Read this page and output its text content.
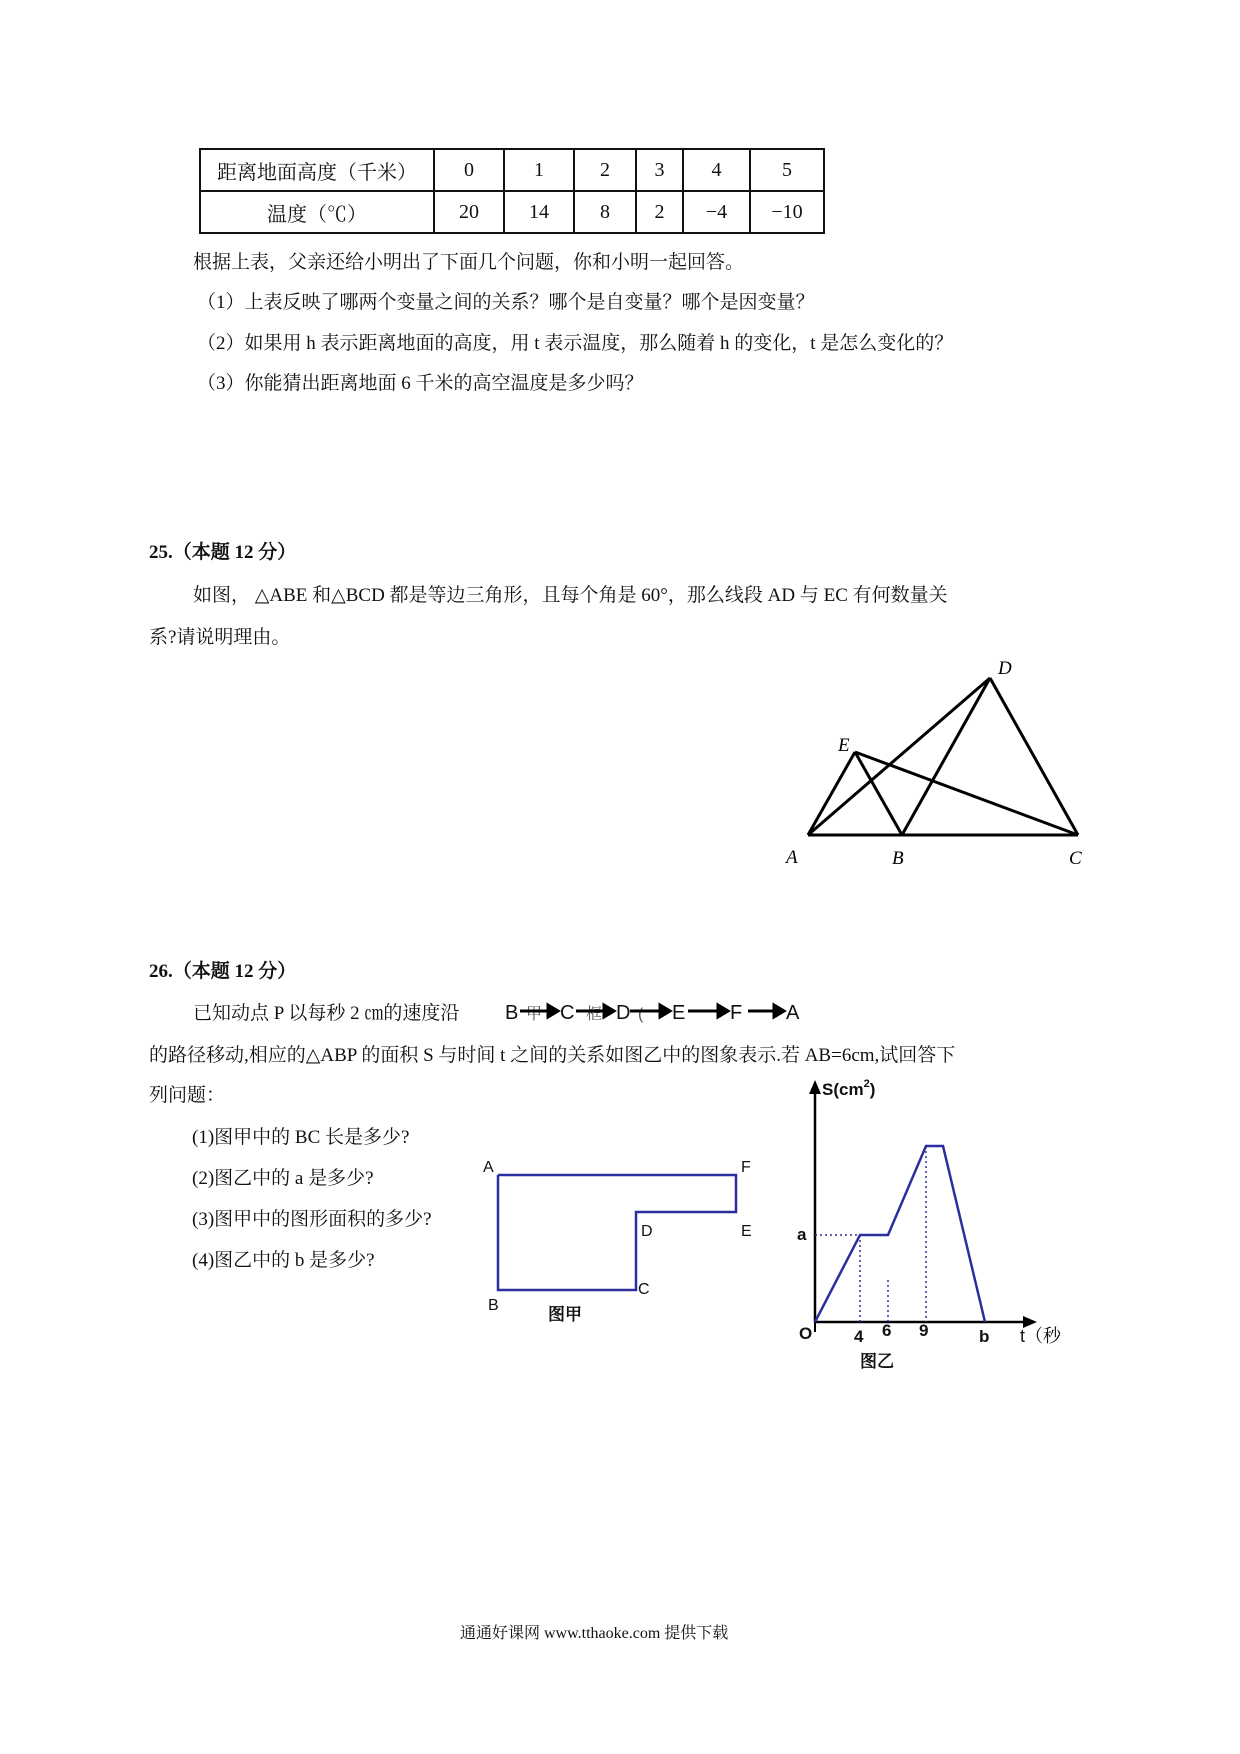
距离地面高度（千米）	0	1	2	3	4	5
温度（℃）	20	14	8	2	−4	−10
根据上表，父亲还给小明出了下面几个问题，你和小明一起回答。
（1）上表反映了哪两个变量之间的关系？哪个是自变量？哪个是因变量？
（2）如果用 h 表示距离地面的高度，用 t 表示温度，那么随着 h 的变化，t 是怎么变化的？
（3）你能猜出距离地面 6 千米的高空温度是多少吗？
25.（本题 12 分）
如图， △ABE 和△BCD 都是等边三角形，且每个角是 60°，那么线段 AD 与 EC 有何数量关
系?请说明理由。
A	B	C
D
E
26.（本题 12 分）
已知动点 P 以每秒 2 ㎝的速度沿 B 甲 C 框 D ( E F A
的路径移动,相应的△ABP 的面积 S 与时间 t 之间的关系如图乙中的图象表示.若 AB=6cm,试回答下
列问题：
(1)图甲中的 BC 长是多少?
(2)图乙中的 a 是多少?
(3)图甲中的图形面积的多少?
(4)图乙中的 b 是多少?
A
B
C
D	E
F
图甲
$S(cm^2)$
a
O 4 6 9	b
图乙
t（秒
通通好课网 www.tthaoke.com 提供下载
